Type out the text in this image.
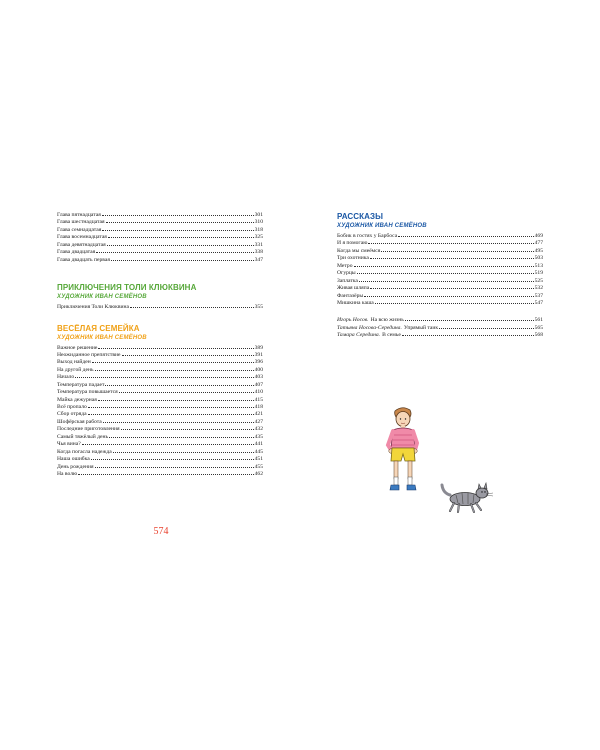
Глава пятнадцатая	301
Глава шестнадцатая	310
Глава семнадцатая	318
Глава восемнадцатая	325
Глава девятнадцатая	331
Глава двадцатая	338
Глава двадцать первая	347
ПРИКЛЮЧЕНИЯ ТОЛИ КЛЮКВИНА
ХУДОЖНИК ИВАН СЕМЁНОВ
Приключения Толи Клюквина	355
ВЕСЁЛАЯ СЕМЕЙКА
ХУДОЖНИК ИВАН СЕМЁНОВ
Важное решение	389
Неожиданное препятствие	391
Выход найден	396
На другой день	400
Начало	403
Температура падает	407
Температура повышается	410
Майка дежурная	415
Всё пропало	418
Сбор отряда	421
Шофёрская работа	427
Последние приготовления	432
Самый тяжёлый день	435
Чья вина?	441
Когда погасла надежда	445
Наша ошибка	451
День рождения	455
На волю	462
574
РАССКАЗЫ
ХУДОЖНИК ИВАН СЕМЁНОВ
Бобик в гостях у Барбоса	469
И я помогаю	477
Когда мы смеёмся	495
Три охотника	503
Метро	513
Огурцы	519
Заплатка	525
Живая шляпа	532
Фантазёры	537
Мишкина каша	547
Игорь Носов. На всю жизнь	561
Татьяна Носова-Середина. Упрямый таик	565
Тамара Середина. В семье	568
